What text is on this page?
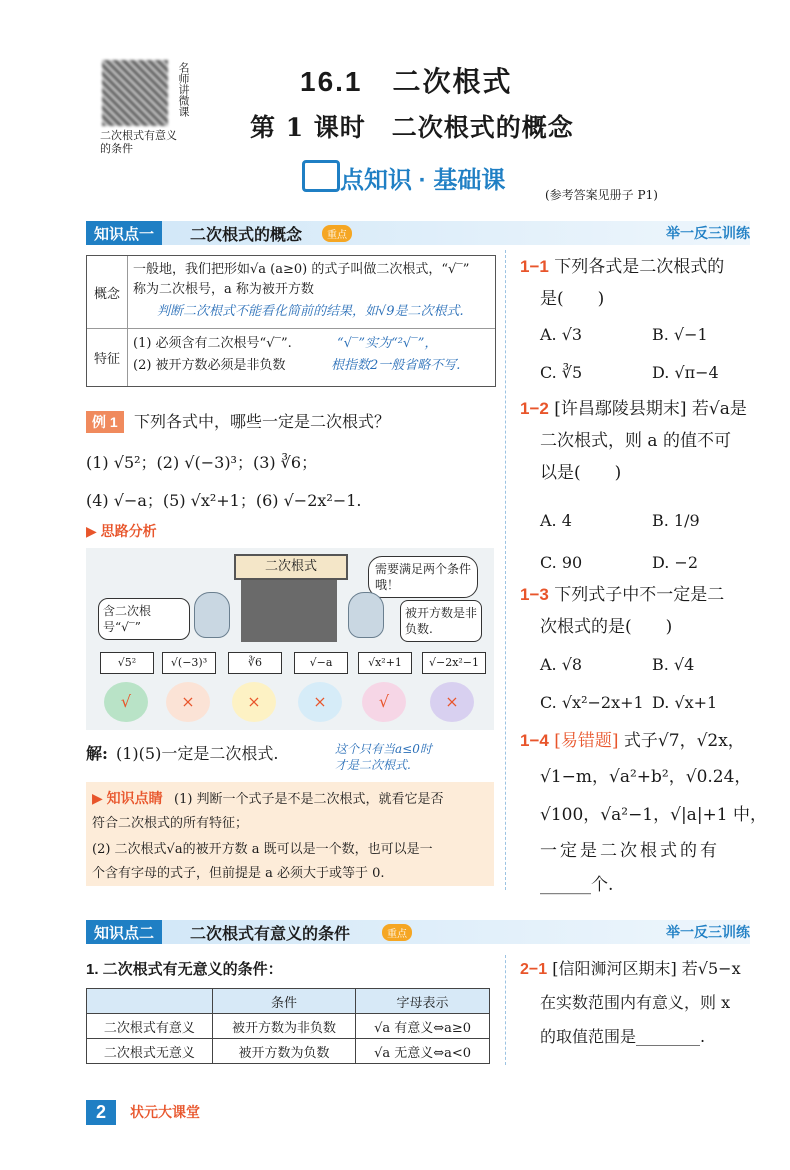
名师讲微课
二次根式有意义的条件
16.1　二次根式
第 1 课时　二次根式的概念
点知识 · 基础课
(参考答案见册子 P1)
知识点一	二次根式的概念	重点	举一反三训练
概念
一般地，我们把形如√a (a≥0) 的式子叫做二次根式，“√‾”
称为二次根号，a 称为被开方数
判断二次根式不能看化简前的结果，如√9是二次根式.
特征
(1) 必须含有二次根号“√‾”.
(2) 被开方数必须是非负数
“√‾”实为“²√‾”，
根指数2一般省略不写.
例 1	下列各式中，哪些一定是二次根式？
(1) √5²；(2) √(−3)³；(3) ∛6；
(4) √−a；(5) √x²+1；(6) √−2x²−1.
▶ 思路分析
二次根式
含二次根号“√‾”
需要满足两个条件哦！
被开方数是非负数.
√5²	√(−3)³	∛6	√−a	√x²+1	√−2x²−1
√	×	×	×	√	×
解: (1)(5)一定是二次根式.	这个只有当a≤0时
才是二次根式.
▶ 知识点睛 (1) 判断一个式子是不是二次根式，就看它是否
符合二次根式的所有特征；
(2) 二次根式√a的被开方数 a 既可以是一个数，也可以是一
个含有字母的式子，但前提是 a 必须大于或等于 0.
知识点二	二次根式有意义的条件	重点	举一反三训练
1. 二次根式有无意义的条件：
	条件	字母表示
二次根式有意义	被开方数为非负数	√a 有意义⇔a≥0
二次根式无意义	被开方数为负数	√a 无意义⇔a<0
1−1 下列各式是二次根式的
是(　　)
A. √3	B. √−1
C. ∛5	D. √π−4
1−2 [许昌鄢陵县期末] 若√a是
二次根式，则 a 的值不可
以是(　　)
A. 4	B. 1/9
C. 90	D. −2
1−3 下列式子中不一定是二
次根式的是(　　)
A. √8	B. √4
C. √x²−2x+1 D. √x+1
1−4 [易错题] 式子√7，√2x，
√1−m，√a²+b²，√0.24，
√100，√a²−1，√|a|+1 中，
一定是二次根式的有
______个.
2−1 [信阳浉河区期末] 若√5−x
在实数范围内有意义，则 x
的取值范围是________.
2	状元大课堂
